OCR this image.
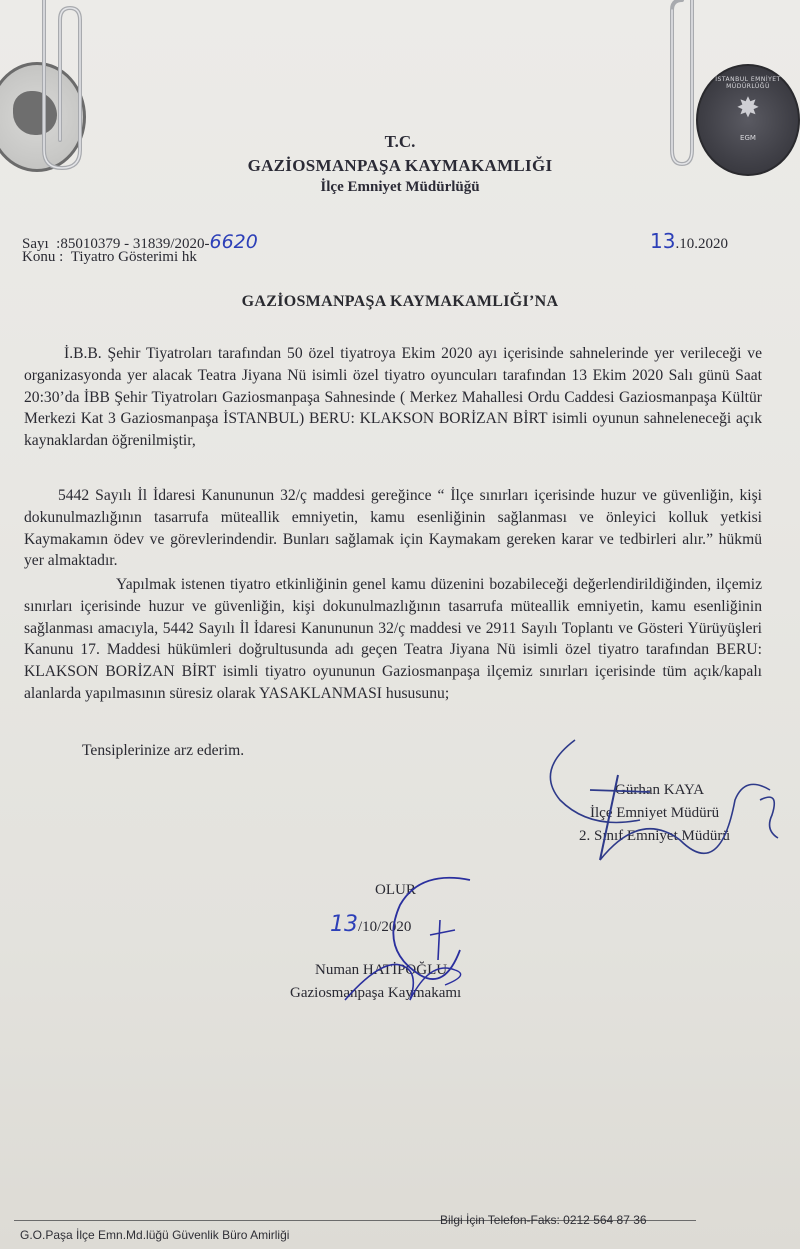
İSTANBUL EMNİYET MÜDÜRLÜĞÜ
✸
EGM
T.C.
GAZİOSMANPAŞA KAYMAKAMLIĞI
İlçe Emniyet Müdürlüğü
Sayı :85010379 - 31839/2020-6620	13.10.2020
Konu : Tiyatro Gösterimi hk
GAZİOSMANPAŞA KAYMAKAMLIĞI’NA
İ.B.B. Şehir Tiyatroları tarafından 50 özel tiyatroya Ekim 2020 ayı içerisinde sahnelerinde yer verileceği ve organizasyonda yer alacak Teatra Jiyana Nü isimli özel tiyatro oyuncuları tarafından 13 Ekim 2020 Salı günü Saat 20:30’da İBB Şehir Tiyatroları Gaziosmanpaşa Sahnesinde ( Merkez Mahallesi Ordu Caddesi Gaziosmanpaşa Kültür Merkezi Kat 3 Gaziosmanpaşa İSTANBUL) BERU: KLAKSON BORİZAN BİRT isimli oyunun sahneleneceği açık kaynaklardan öğrenilmiştir,
5442 Sayılı İl İdaresi Kanununun 32/ç maddesi gereğince “ İlçe sınırları içerisinde huzur ve güvenliğin, kişi dokunulmazlığının tasarrufa müteallik emniyetin, kamu esenliğinin sağlanması ve önleyici kolluk yetkisi Kaymakamın ödev ve görevlerindendir. Bunları sağlamak için Kaymakam gereken karar ve tedbirleri alır.” hükmü yer almaktadır.
Yapılmak istenen tiyatro etkinliğinin genel kamu düzenini bozabileceği değerlendirildiğinden, ilçemiz sınırları içerisinde huzur ve güvenliğin, kişi dokunulmazlığının tasarrufa müteallik emniyetin, kamu esenliğinin sağlanması amacıyla, 5442 Sayılı İl İdaresi Kanununun 32/ç maddesi ve 2911 Sayılı Toplantı ve Gösteri Yürüyüşleri Kanunu 17. Maddesi hükümleri doğrultusunda adı geçen Teatra Jiyana Nü isimli özel tiyatro tarafından BERU: KLAKSON BORİZAN BİRT isimli tiyatro oyununun Gaziosmanpaşa ilçemiz sınırları içerisinde tüm açık/kapalı alanlarda yapılmasının süresiz olarak YASAKLANMASI hususunu;
Tensiplerinize arz ederim.
Gürhan KAYA
İlçe Emniyet Müdürü
2. Sınıf Emniyet Müdürü
OLUR
13/10/2020
Numan HATİPOĞLU
Gaziosmanpaşa Kaymakamı
G.O.Paşa İlçe Emn.Md.lüğü Güvenlik Büro Amirliği
Bilgi İçin Telefon-Faks: 0212 564 87 36
